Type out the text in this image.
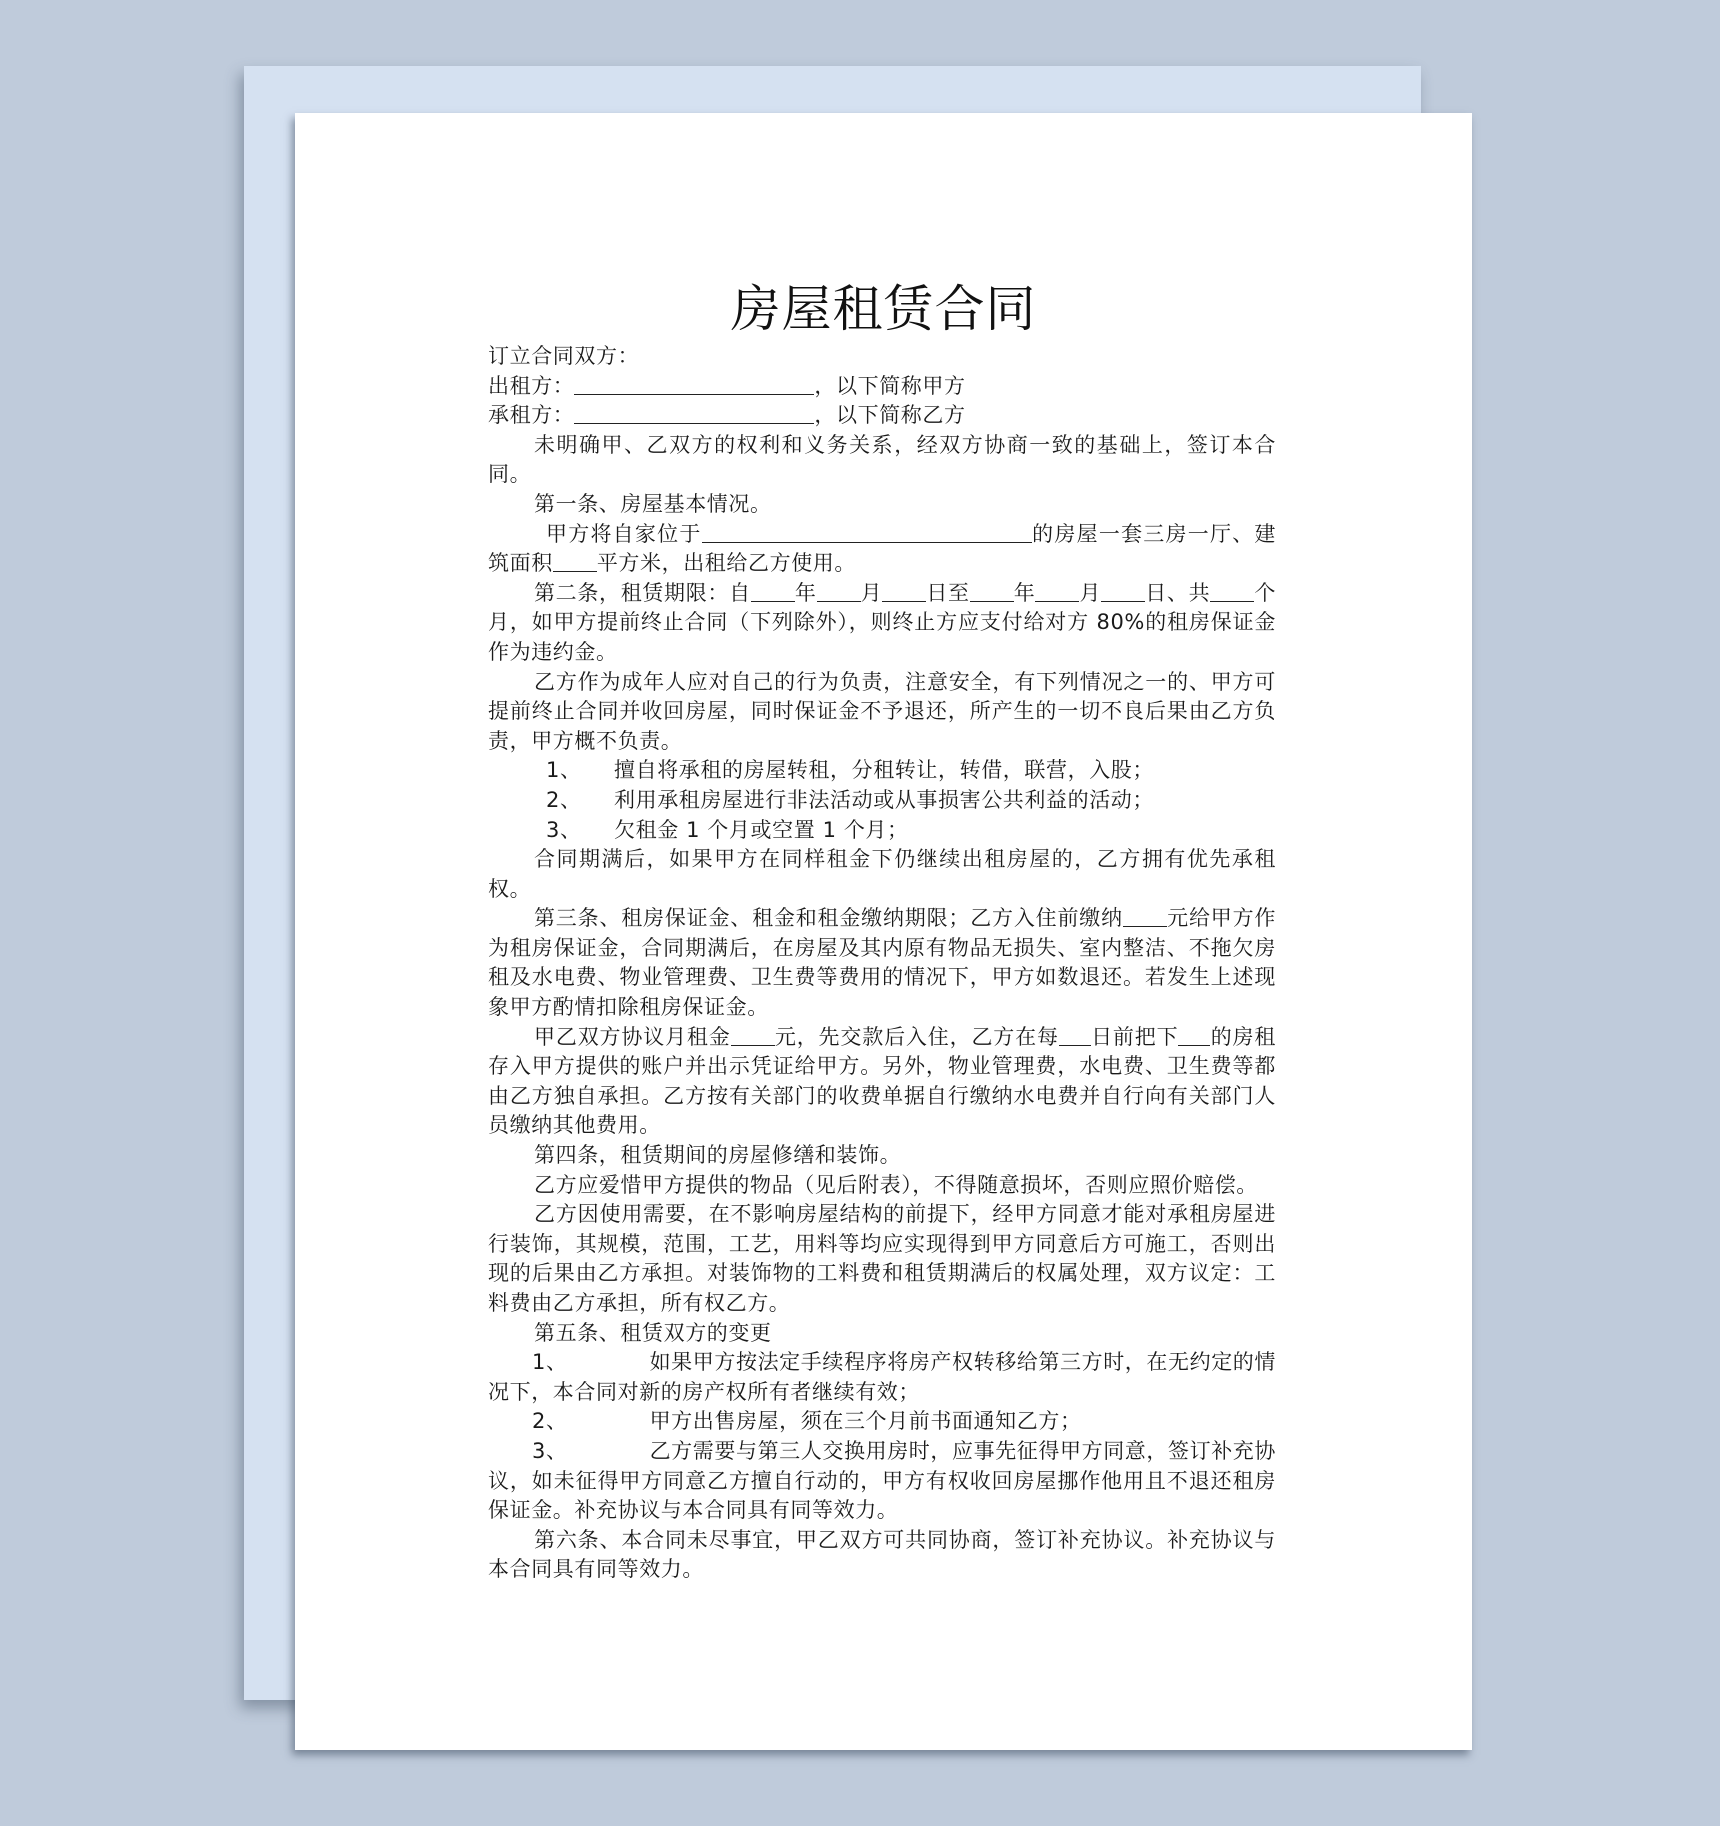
房屋租赁合同

订立合同双方：

出租方：	，以下简称甲方

承租方：	，以下简称乙方

未明确甲、乙双方的权利和义务关系，经双方协商一致的基础上，签订本合同。

第一条、房屋基本情况。

甲方将自家位于	的房屋一套三房一厅、建筑面积 平方米，出租给乙方使用。

第二条，租赁期限：自 年 月 日至 年 月 日、共 个月，如甲方提前终止合同（下列除外），则终止方应支付给对方 80%的租房保证金作为违约金。

乙方作为成年人应对自己的行为负责，注意安全，有下列情况之一的、甲方可提前终止合同并收回房屋，同时保证金不予退还，所产生的一切不良后果由乙方负责，甲方概不负责。

1、	擅自将承租的房屋转租，分租转让，转借，联营，入股；
2、	利用承租房屋进行非法活动或从事损害公共利益的活动；
3、	欠租金 1 个月或空置 1 个月；

合同期满后，如果甲方在同样租金下仍继续出租房屋的，乙方拥有优先承租权。

第三条、租房保证金、租金和租金缴纳期限；乙方入住前缴纳 元给甲方作为租房保证金，合同期满后，在房屋及其内原有物品无损失、室内整洁、不拖欠房租及水电费、物业管理费、卫生费等费用的情况下，甲方如数退还。若发生上述现象甲方酌情扣除租房保证金。

甲乙双方协议月租金 元，先交款后入住，乙方在每 日前把下 的房租存入甲方提供的账户并出示凭证给甲方。另外，物业管理费，水电费、卫生费等都由乙方独自承担。乙方按有关部门的收费单据自行缴纳水电费并自行向有关部门人员缴纳其他费用。

第四条，租赁期间的房屋修缮和装饰。

乙方应爱惜甲方提供的物品（见后附表），不得随意损坏，否则应照价赔偿。

乙方因使用需要，在不影响房屋结构的前提下，经甲方同意才能对承租房屋进行装饰，其规模，范围，工艺，用料等均应实现得到甲方同意后方可施工，否则出现的后果由乙方承担。对装饰物的工料费和租赁期满后的权属处理，双方议定：工料费由乙方承担，所有权乙方。

第五条、租赁双方的变更

1、	如果甲方按法定手续程序将房产权转移给第三方时，在无约定的情况下，本合同对新的房产权所有者继续有效；

2、	甲方出售房屋，须在三个月前书面通知乙方；

3、	乙方需要与第三人交换用房时，应事先征得甲方同意，签订补充协议，如未征得甲方同意乙方擅自行动的，甲方有权收回房屋挪作他用且不退还租房保证金。补充协议与本合同具有同等效力。

第六条、本合同未尽事宜，甲乙双方可共同协商，签订补充协议。补充协议与本合同具有同等效力。
